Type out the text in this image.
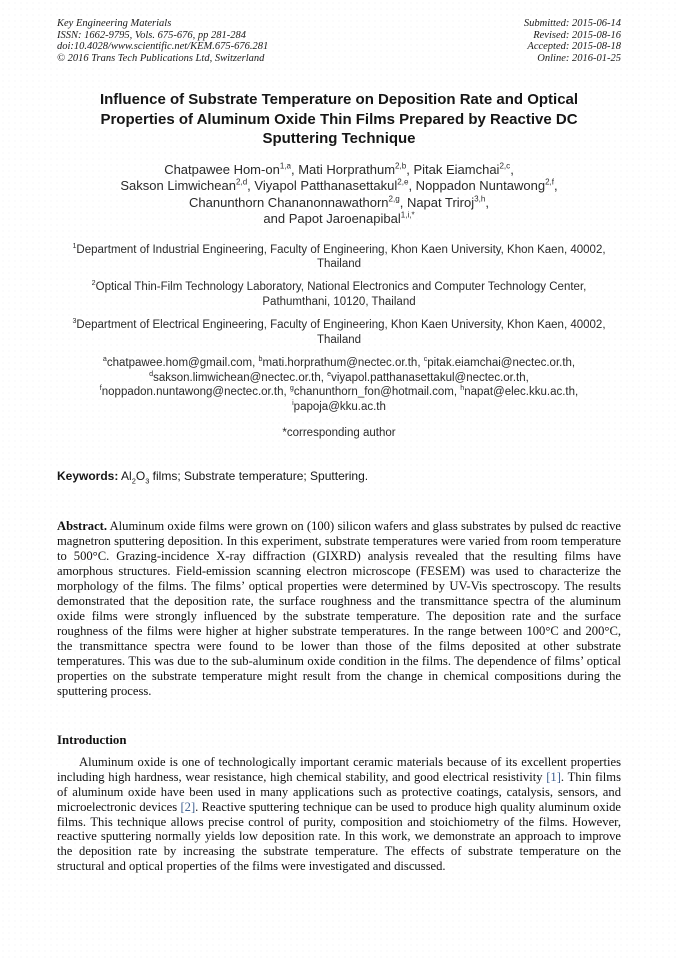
Key Engineering Materials
ISSN: 1662-9795, Vols. 675-676, pp 281-284
doi:10.4028/www.scientific.net/KEM.675-676.281
© 2016 Trans Tech Publications Ltd, Switzerland
Submitted: 2015-06-14
Revised: 2015-08-16
Accepted: 2015-08-18
Online: 2016-01-25
Influence of Substrate Temperature on Deposition Rate and Optical Properties of Aluminum Oxide Thin Films Prepared by Reactive DC Sputtering Technique
Chatpawee Hom-on$^{1,a}$, Mati Horprathum$^{2,b}$, Pitak Eiamchai$^{2,c}$,
Sakson Limwichean$^{2,d}$, Viyapol Patthanasettakul$^{2,e}$, Noppadon Nuntawong$^{2,f}$,
Chanunthorn Chananonnawathorn$^{2,g}$, Napat Triroj$^{3,h}$,
and Papot Jaroenapibal$^{1,i,*}$
$^1$Department of Industrial Engineering, Faculty of Engineering, Khon Kaen University, Khon Kaen, 40002, Thailand
$^2$Optical Thin-Film Technology Laboratory, National Electronics and Computer Technology Center, Pathumthani, 10120, Thailand
$^3$Department of Electrical Engineering, Faculty of Engineering, Khon Kaen University, Khon Kaen, 40002, Thailand
$^a$chatpawee.hom@gmail.com, $^b$mati.horprathum@nectec.or.th, $^c$pitak.eiamchai@nectec.or.th,
$^d$sakson.limwichean@nectec.or.th, $^e$viyapol.patthanasettakul@nectec.or.th,
$^f$noppadon.nuntawong@nectec.or.th, $^g$chanunthorn_fon@hotmail.com, $^h$napat@elec.kku.ac.th,
$^i$papoja@kku.ac.th

*corresponding author

Keywords: $Al_2O_3$ films; Substrate temperature; Sputtering.

Abstract. Aluminum oxide films were grown on (100) silicon wafers and glass substrates by pulsed dc reactive magnetron sputtering deposition. In this experiment, substrate temperatures were varied from room temperature to 500°C. Grazing-incidence X-ray diffraction (GIXRD) analysis revealed that the resulting films have amorphous structures. Field-emission scanning electron microscope (FESEM) was used to characterize the morphology of the films. The films’ optical properties were determined by UV-Vis spectroscopy. The results demonstrated that the deposition rate, the surface roughness and the transmittance spectra of the aluminum oxide films were strongly influenced by the substrate temperature. The deposition rate and the surface roughness of the films were higher at higher substrate temperatures. In the range between 100°C and 200°C, the transmittance spectra were found to be lower than those of the films deposited at other substrate temperatures. This was due to the sub-aluminum oxide condition in the films. The dependence of films’ optical properties on the substrate temperature might result from the change in chemical compositions during the sputtering process.

Introduction

Aluminum oxide is one of technologically important ceramic materials because of its excellent properties including high hardness, wear resistance, high chemical stability, and good electrical resistivity [1]. Thin films of aluminum oxide have been used in many applications such as protective coatings, catalysis, sensors, and microelectronic devices [2]. Reactive sputtering technique can be used to produce high quality aluminum oxide films. This technique allows precise control of purity, composition and stoichiometry of the films. However, reactive sputtering normally yields low deposition rate. In this work, we demonstrate an approach to improve the deposition rate by increasing the substrate temperature. The effects of substrate temperature on the structural and optical properties of the films were investigated and discussed.
